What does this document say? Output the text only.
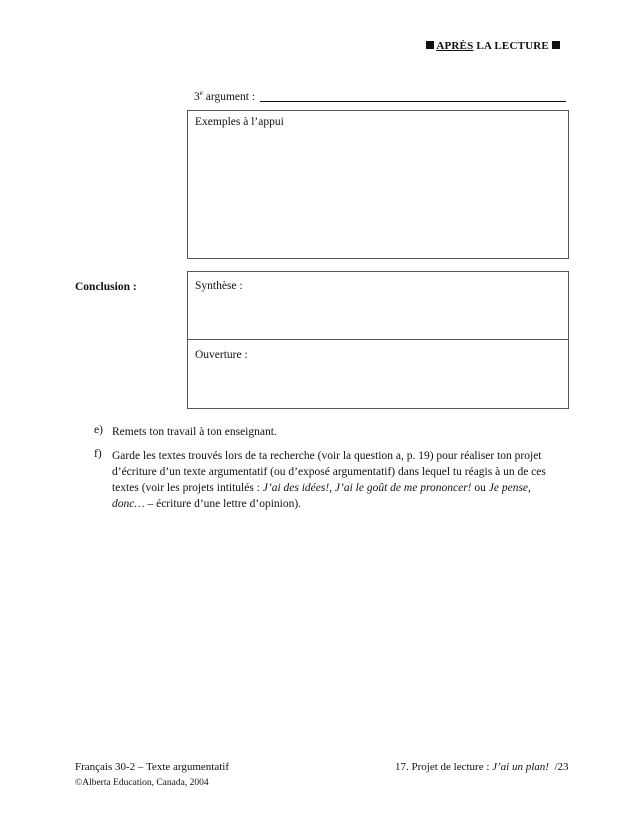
APRÈS LA LECTURE
3e argument :
Exemples à l’appui
Conclusion :	Synthèse :
Ouverture :
e) Remets ton travail à ton enseignant.
f) Garde les textes trouvés lors de ta recherche (voir la question a, p. 19) pour réaliser ton projet
d’écriture d’un texte argumentatif (ou d’exposé argumentatif) dans lequel tu réagis à un de ces
textes (voir les projets intitulés : J’ai des idées!, J’ai le goût de me prononcer! ou Je pense,
donc… – écriture d’une lettre d’opinion).
Français 30-2 – Texte argumentatif
©Alberta Education, Canada, 2004
17. Projet de lecture : J’ai un plan!  /23
